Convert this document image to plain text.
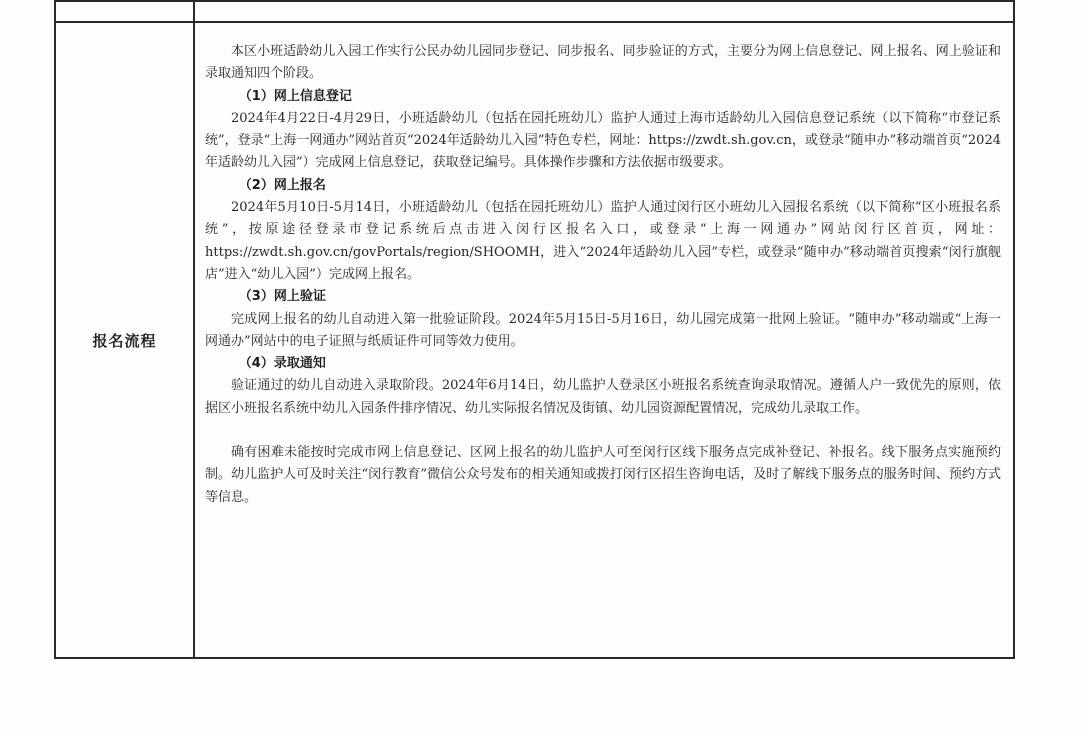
报名流程

本区小班适龄幼儿入园工作实行公民办幼儿园同步登记、同步报名、同步验证的方式，主要分为网上信息登记、网上报名、网上验证和录取通知四个阶段。

（1）网上信息登记

2024年4月22日-4月29日，小班适龄幼儿（包括在园托班幼儿）监护人通过上海市适龄幼儿入园信息登记系统（以下简称“市登记系统”，登录“上海一网通办”网站首页“2024年适龄幼儿入园”特色专栏，网址：https://zwdt.sh.gov.cn，或登录“随申办”移动端首页“2024年适龄幼儿入园”）完成网上信息登记，获取登记编号。具体操作步骤和方法依据市级要求。

（2）网上报名

2024年5月10日-5月14日，小班适龄幼儿（包括在园托班幼儿）监护人通过闵行区小班幼儿入园报名系统（以下简称“区小班报名系统”，按原途径登录市登记系统后点击进入闵行区报名入口，或登录“上海一网通办”网站闵行区首页，网址：https://zwdt.sh.gov.cn/govPortals/region/SHOOMH，进入“2024年适龄幼儿入园”专栏，或登录“随申办”移动端首页搜索“闵行旗舰店”进入“幼儿入园”）完成网上报名。

（3）网上验证

完成网上报名的幼儿自动进入第一批验证阶段。2024年5月15日-5月16日，幼儿园完成第一批网上验证。“随申办”移动端或“上海一网通办”网站中的电子证照与纸质证件可同等效力使用。

（4）录取通知

验证通过的幼儿自动进入录取阶段。2024年6月14日，幼儿监护人登录区小班报名系统查询录取情况。遵循人户一致优先的原则，依据区小班报名系统中幼儿入园条件排序情况、幼儿实际报名情况及街镇、幼儿园资源配置情况，完成幼儿录取工作。

确有困难未能按时完成市网上信息登记、区网上报名的幼儿监护人可至闵行区线下服务点完成补登记、补报名。线下服务点实施预约制。幼儿监护人可及时关注“闵行教育”微信公众号发布的相关通知或拨打闵行区招生咨询电话，及时了解线下服务点的服务时间、预约方式等信息。
